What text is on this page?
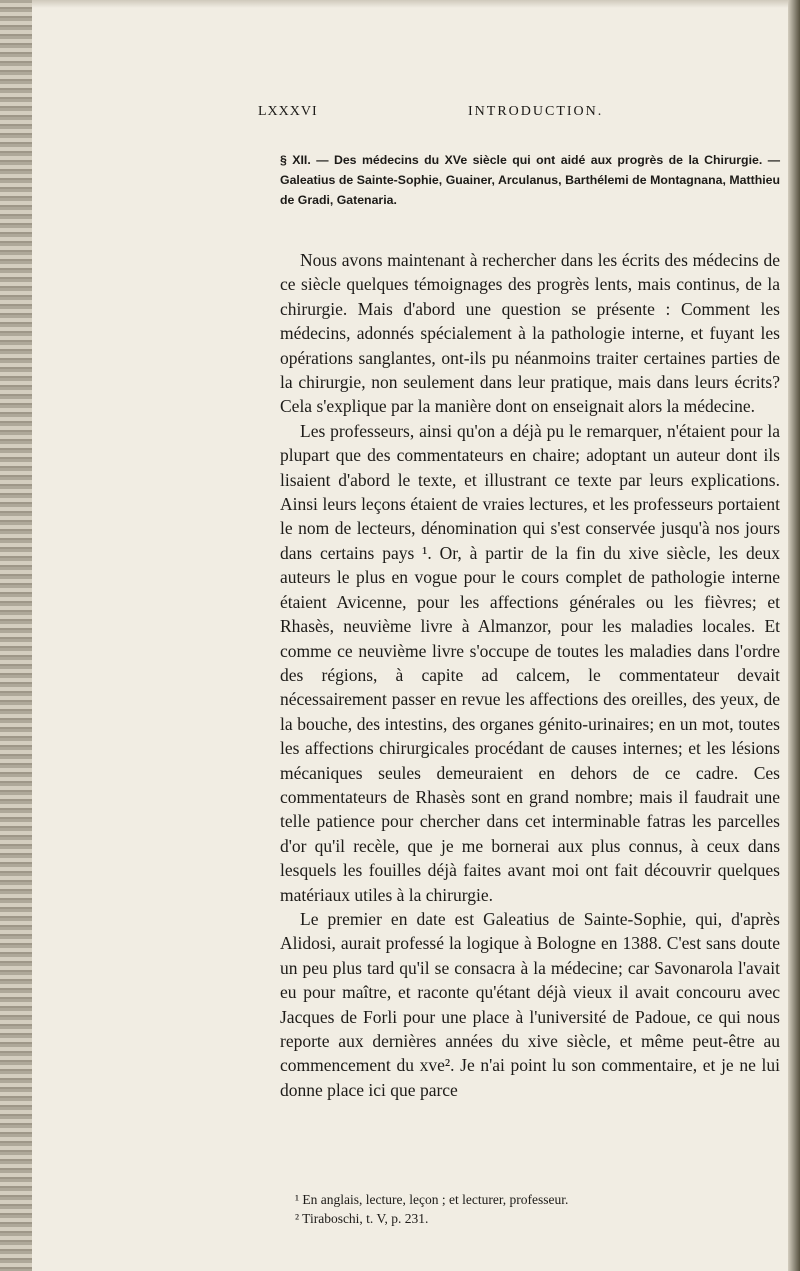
LXXXVI	INTRODUCTION.
§ XII. — Des médecins du XVe siècle qui ont aidé aux progrès de la Chirurgie. — Galeatius de Sainte-Sophie, Guainer, Arculanus, Barthélemi de Montagnana, Matthieu de Gradi, Gatenaria.

Nous avons maintenant à rechercher dans les écrits des médecins de ce siècle quelques témoignages des progrès lents, mais continus, de la chirurgie. Mais d'abord une question se présente : Comment les médecins, adonnés spécialement à la pathologie interne, et fuyant les opérations sanglantes, ont-ils pu néanmoins traiter certaines parties de la chirurgie, non seulement dans leur pratique, mais dans leurs écrits? Cela s'explique par la manière dont on enseignait alors la médecine.

Les professeurs, ainsi qu'on a déjà pu le remarquer, n'étaient pour la plupart que des commentateurs en chaire; adoptant un auteur dont ils lisaient d'abord le texte, et illustrant ce texte par leurs explications. Ainsi leurs leçons étaient de vraies lectures, et les professeurs portaient le nom de lecteurs, dénomination qui s'est conservée jusqu'à nos jours dans certains pays ¹. Or, à partir de la fin du xive siècle, les deux auteurs le plus en vogue pour le cours complet de pathologie interne étaient Avicenne, pour les affections générales ou les fièvres; et Rhasès, neuvième livre à Almanzor, pour les maladies locales. Et comme ce neuvième livre s'occupe de toutes les maladies dans l'ordre des régions, à capite ad calcem, le commentateur devait nécessairement passer en revue les affections des oreilles, des yeux, de la bouche, des intestins, des organes génito-urinaires; en un mot, toutes les affections chirurgicales procédant de causes internes; et les lésions mécaniques seules demeuraient en dehors de ce cadre. Ces commentateurs de Rhasès sont en grand nombre; mais il faudrait une telle patience pour chercher dans cet interminable fatras les parcelles d'or qu'il recèle, que je me bornerai aux plus connus, à ceux dans lesquels les fouilles déjà faites avant moi ont fait découvrir quelques matériaux utiles à la chirurgie.

Le premier en date est Galeatius de Sainte-Sophie, qui, d'après Alidosi, aurait professé la logique à Bologne en 1388. C'est sans doute un peu plus tard qu'il se consacra à la médecine; car Savonarola l'avait eu pour maître, et raconte qu'étant déjà vieux il avait concouru avec Jacques de Forli pour une place à l'université de Padoue, ce qui nous reporte aux dernières années du xive siècle, et même peut-être au commencement du xve². Je n'ai point lu son commentaire, et je ne lui donne place ici que parce

¹ En anglais, lecture, leçon ; et lecturer, professeur.
² Tiraboschi, t. V, p. 231.
